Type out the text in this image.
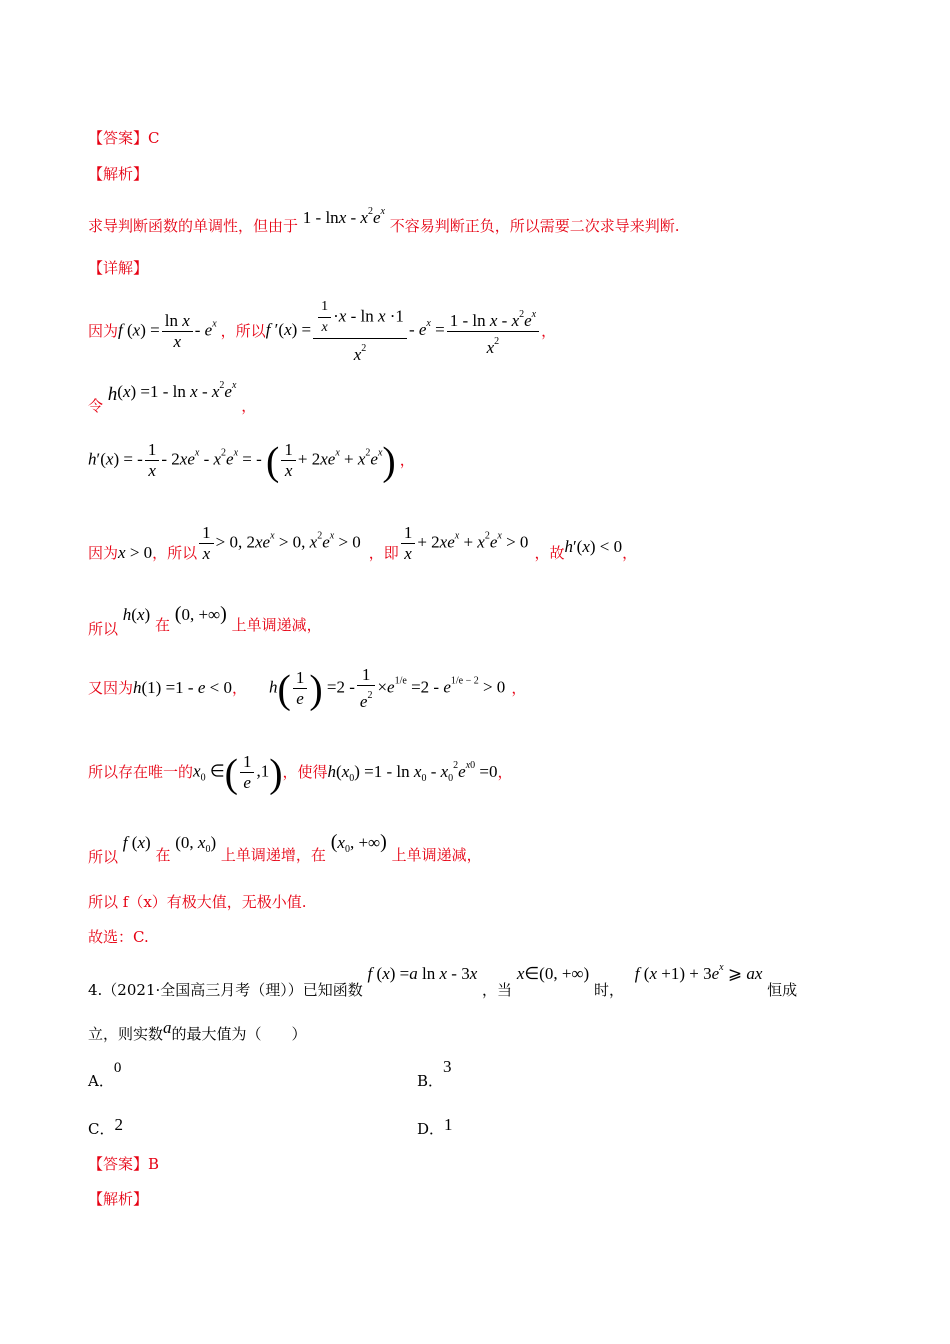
【答案】C
【解析】
求导判断函数的单调性，但由于 1 - lnx - $x^2e^x$ 不容易判断正负，所以需要二次求导来判断.
【详解】
因为 f $(x) = \frac{\text{ln x}}{x} - e^x$ ，所以 f $'(x) = \frac{\frac{1}{x} \cdot x - \ln x \cdot 1}{x^2} - e^x = \frac{1 - \ln x - x^2e^x}{x^2}$ ，
令 $h(x) =1 - \ln x - x^2e^x$ ，
h′(x) = - $\frac{1}{x} - 2xe^x - x^2e^x$ = - ( $\frac{1}{x} + 2xe^x + x^2e^x$) ，
因为 x > 0 ，所以 $\frac{1}{x} > 0$, $2xe^x > 0$, $x^2e^x > 0$
，即 $\frac{1}{x} + 2xe^x + x^2e^x > 0$
，故 h′(x) < 0 ，
所以 h(x) 在 (0, +∞) 上单调递减，
又因为 h(1) =1 - e < 0 ， $h( \frac{1}{e}$ ) $=2 - \frac{1}{e^2} \times e^{1/e} =2 - e^{1/e - 2} > 0$ ，
所以存在唯一的 $x_0$ ∈( $\frac{1}{e} ,1$) ，使得 $h(x_0) =1 - \ln x_0 - x_0^2e^{x0} =0$ ，
所以 f (x) 在 (0, $x_0$) 上单调递增，在 ($x_0$, +∞) 上单调递减，
所以 f（x）有极大值，无极小值.
故选：C.
4.（2021·全国高三月考（理））已知函数 f (x) =a ln x - 3x ，当 x∈(0, +∞) 时， f $(x +1) + 3e^x$ ⩾ ax 恒成
立，则实数a的最大值为（　　）
A．0
B．3
C．2	D．1
【答案】B
【解析】
